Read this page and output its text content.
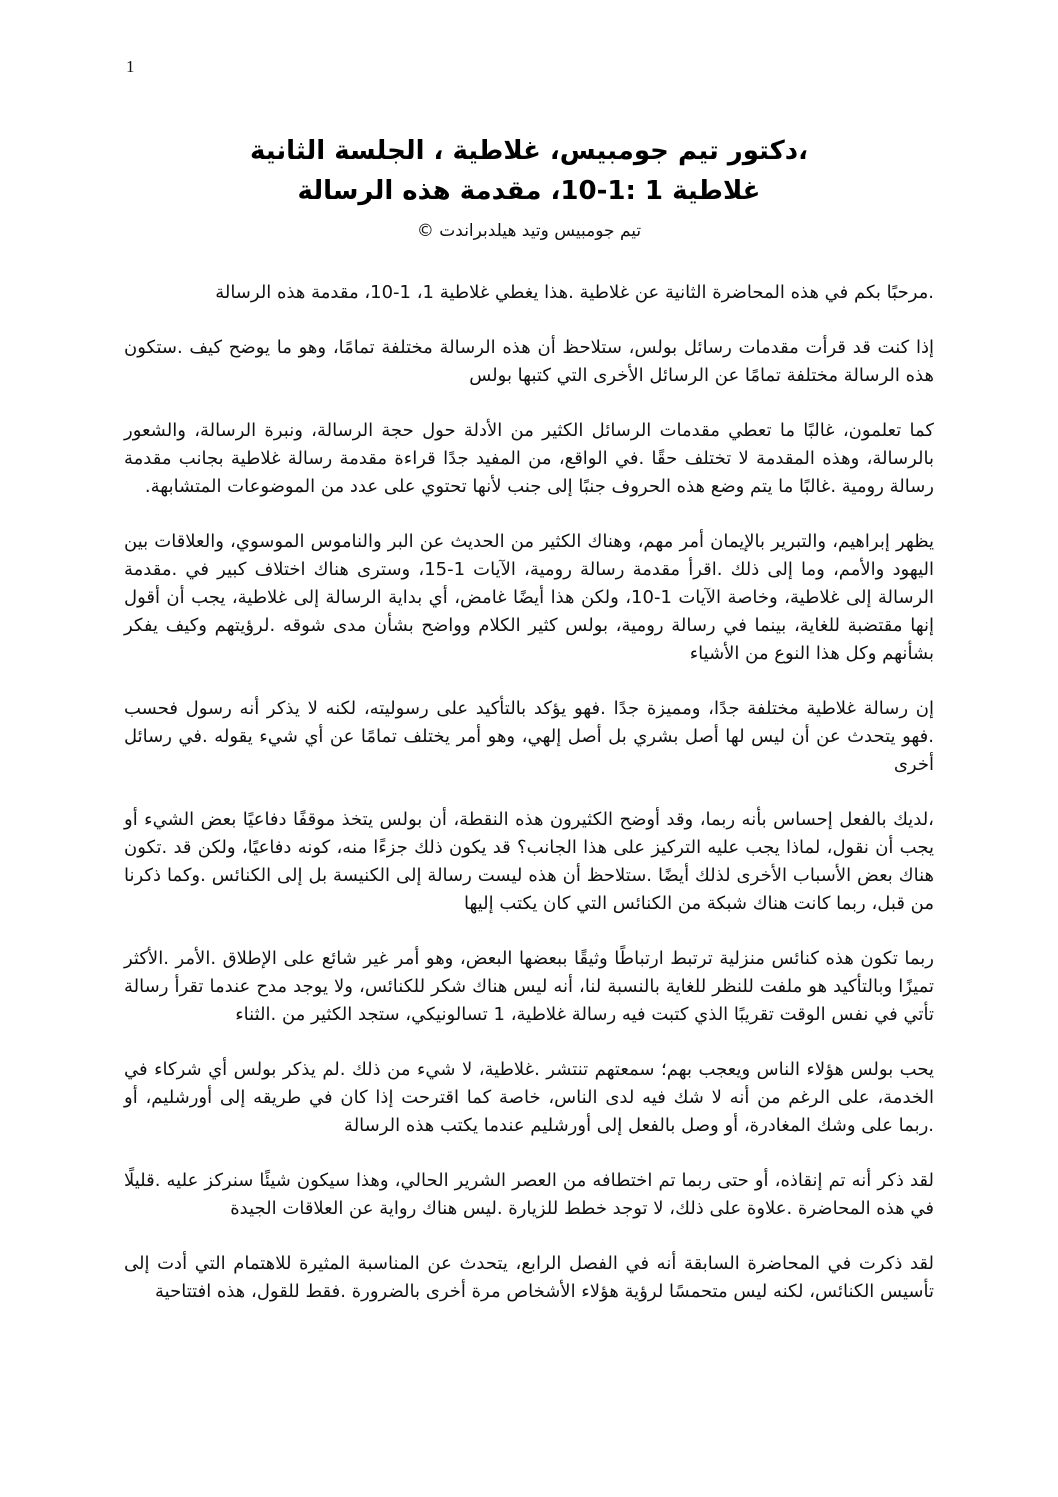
1
،دكتور تيم جومبيس، غلاطية ، الجلسة الثانية
غلاطية 1 :1-10، مقدمة هذه الرسالة
تيم جومبيس وتيد هيلدبراندت ©

.مرحبًا بكم في هذه المحاضرة الثانية عن غلاطية .هذا يغطي غلاطية 1، 1-10، مقدمة هذه الرسالة

إذا كنت قد قرأت مقدمات رسائل بولس، ستلاحظ أن هذه الرسالة مختلفة تمامًا، وهو ما يوضح كيف .ستكون هذه الرسالة مختلفة تمامًا عن الرسائل الأخرى التي كتبها بولس

كما تعلمون، غالبًا ما تعطي مقدمات الرسائل الكثير من الأدلة حول حجة الرسالة، ونبرة الرسالة، والشعور بالرسالة، وهذه المقدمة لا تختلف حقًا .في الواقع، من المفيد جدًا قراءة مقدمة رسالة غلاطية بجانب مقدمة رسالة رومية .غالبًا ما يتم وضع هذه الحروف جنبًا إلى جنب لأنها تحتوي على عدد من الموضوعات المتشابهة.

يظهر إبراهيم، والتبرير بالإيمان أمر مهم، وهناك الكثير من الحديث عن البر والناموس الموسوي، والعلاقات بين اليهود والأمم، وما إلى ذلك .اقرأ مقدمة رسالة رومية، الآيات 1-15، وسترى هناك اختلاف كبير في .مقدمة الرسالة إلى غلاطية، وخاصة الآيات 1-10، ولكن هذا أيضًا غامض، أي بداية الرسالة إلى غلاطية، يجب أن أقول إنها مقتضبة للغاية، بينما في رسالة رومية، بولس كثير الكلام وواضح بشأن مدى شوقه .لرؤيتهم وكيف يفكر بشأنهم وكل هذا النوع من الأشياء

إن رسالة غلاطية مختلفة جدًا، ومميزة جدًا .فهو يؤكد بالتأكيد على رسوليته، لكنه لا يذكر أنه رسول فحسب .فهو يتحدث عن أن ليس لها أصل بشري بل أصل إلهي، وهو أمر يختلف تمامًا عن أي شيء يقوله .في رسائل أخرى

،لديك بالفعل إحساس بأنه ربما، وقد أوضح الكثيرون هذه النقطة، أن بولس يتخذ موقفًا دفاعيًا بعض الشيء أو يجب أن نقول، لماذا يجب عليه التركيز على هذا الجانب؟ قد يكون ذلك جزءًا منه، كونه دفاعيًا، ولكن قد .تكون هناك بعض الأسباب الأخرى لذلك أيضًا .ستلاحظ أن هذه ليست رسالة إلى الكنيسة بل إلى الكنائس .وكما ذكرنا من قبل، ربما كانت هناك شبكة من الكنائس التي كان يكتب إليها

ربما تكون هذه كنائس منزلية ترتبط ارتباطًا وثيقًا ببعضها البعض، وهو أمر غير شائع على الإطلاق .الأمر .الأكثر تميزًا وبالتأكيد هو ملفت للنظر للغاية بالنسبة لنا، أنه ليس هناك شكر للكنائس، ولا يوجد مدح عندما تقرأ رسالة تأتي في نفس الوقت تقريبًا الذي كتبت فيه رسالة غلاطية، 1 تسالونيكي، ستجد الكثير من .الثناء

يحب بولس هؤلاء الناس ويعجب بهم؛ سمعتهم تنتشر .غلاطية، لا شيء من ذلك .لم يذكر بولس أي شركاء في الخدمة، على الرغم من أنه لا شك فيه لدى الناس، خاصة كما اقترحت إذا كان في طريقه إلى أورشليم، أو .ربما على وشك المغادرة، أو وصل بالفعل إلى أورشليم عندما يكتب هذه الرسالة

لقد ذكر أنه تم إنقاذه، أو حتى ربما تم اختطافه من العصر الشرير الحالي، وهذا سيكون شيئًا سنركز عليه .قليلًا في هذه المحاضرة .علاوة على ذلك، لا توجد خطط للزيارة .ليس هناك رواية عن العلاقات الجيدة

لقد ذكرت في المحاضرة السابقة أنه في الفصل الرابع، يتحدث عن المناسبة المثيرة للاهتمام التي أدت إلى تأسيس الكنائس، لكنه ليس متحمسًا لرؤية هؤلاء الأشخاص مرة أخرى بالضرورة .فقط للقول، هذه افتتاحية
